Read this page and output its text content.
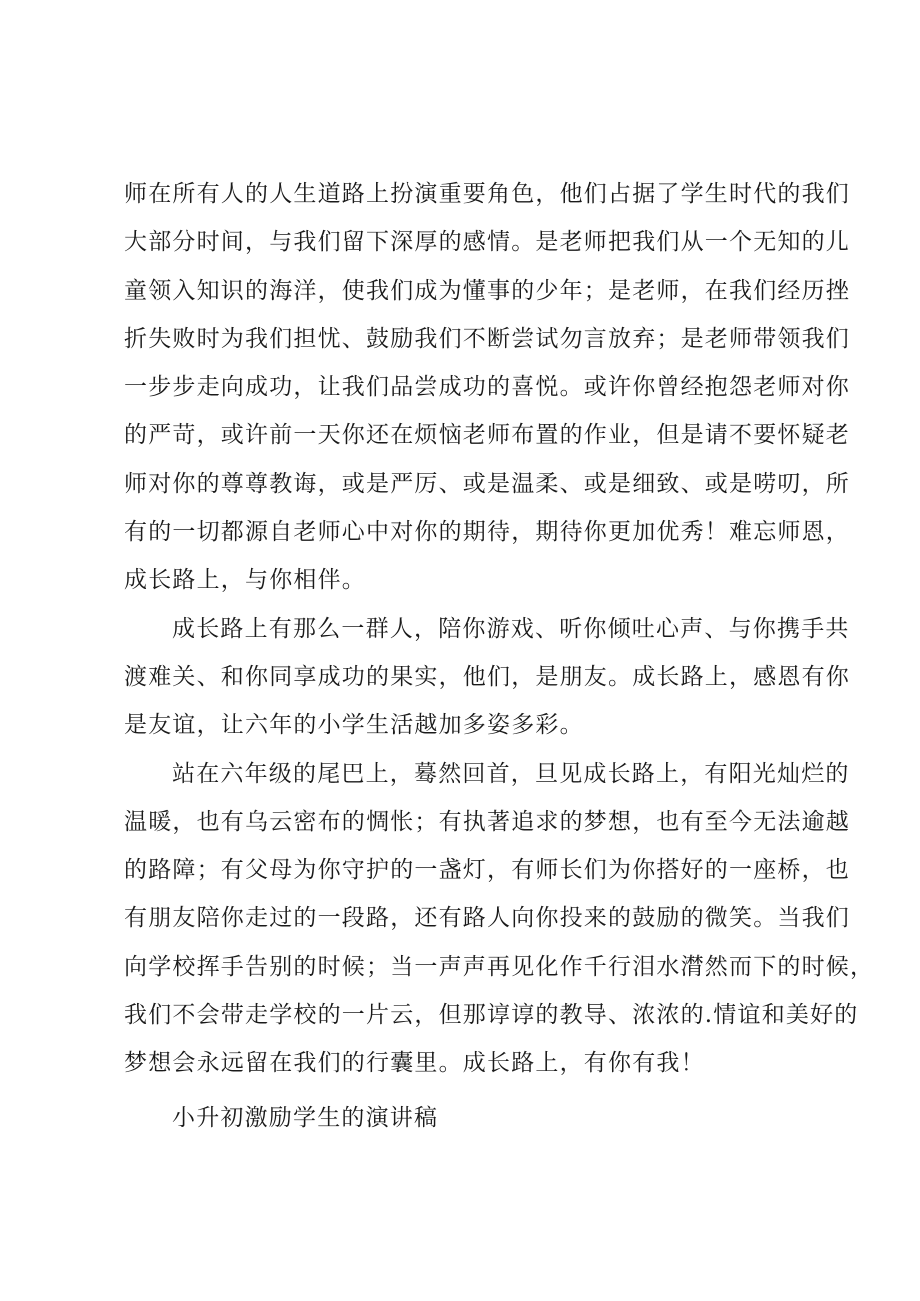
师在所有人的人生道路上扮演重要角色，他们占据了学生时代的我们
大部分时间，与我们留下深厚的感情。是老师把我们从一个无知的儿
童领入知识的海洋，使我们成为懂事的少年；是老师，在我们经历挫
折失败时为我们担忧、鼓励我们不断尝试勿言放弃；是老师带领我们
一步步走向成功，让我们品尝成功的喜悦。或许你曾经抱怨老师对你
的严苛，或许前一天你还在烦恼老师布置的作业，但是请不要怀疑老
师对你的尊尊教诲，或是严厉、或是温柔、或是细致、或是唠叨，所
有的一切都源自老师心中对你的期待，期待你更加优秀！难忘师恩，
成长路上，与你相伴。

成长路上有那么一群人，陪你游戏、听你倾吐心声、与你携手共
渡难关、和你同享成功的果实，他们，是朋友。成长路上，感恩有你
是友谊，让六年的小学生活越加多姿多彩。

站在六年级的尾巴上，蓦然回首，旦见成长路上，有阳光灿烂的
温暖，也有乌云密布的惆怅；有执著追求的梦想，也有至今无法逾越
的路障；有父母为你守护的一盏灯，有师长们为你搭好的一座桥，也
有朋友陪你走过的一段路，还有路人向你投来的鼓励的微笑。当我们
向学校挥手告别的时候；当一声声再见化作千行泪水潸然而下的时候，
我们不会带走学校的一片云，但那谆谆的教导、浓浓的.情谊和美好的
梦想会永远留在我们的行囊里。成长路上，有你有我！

小升初激励学生的演讲稿
